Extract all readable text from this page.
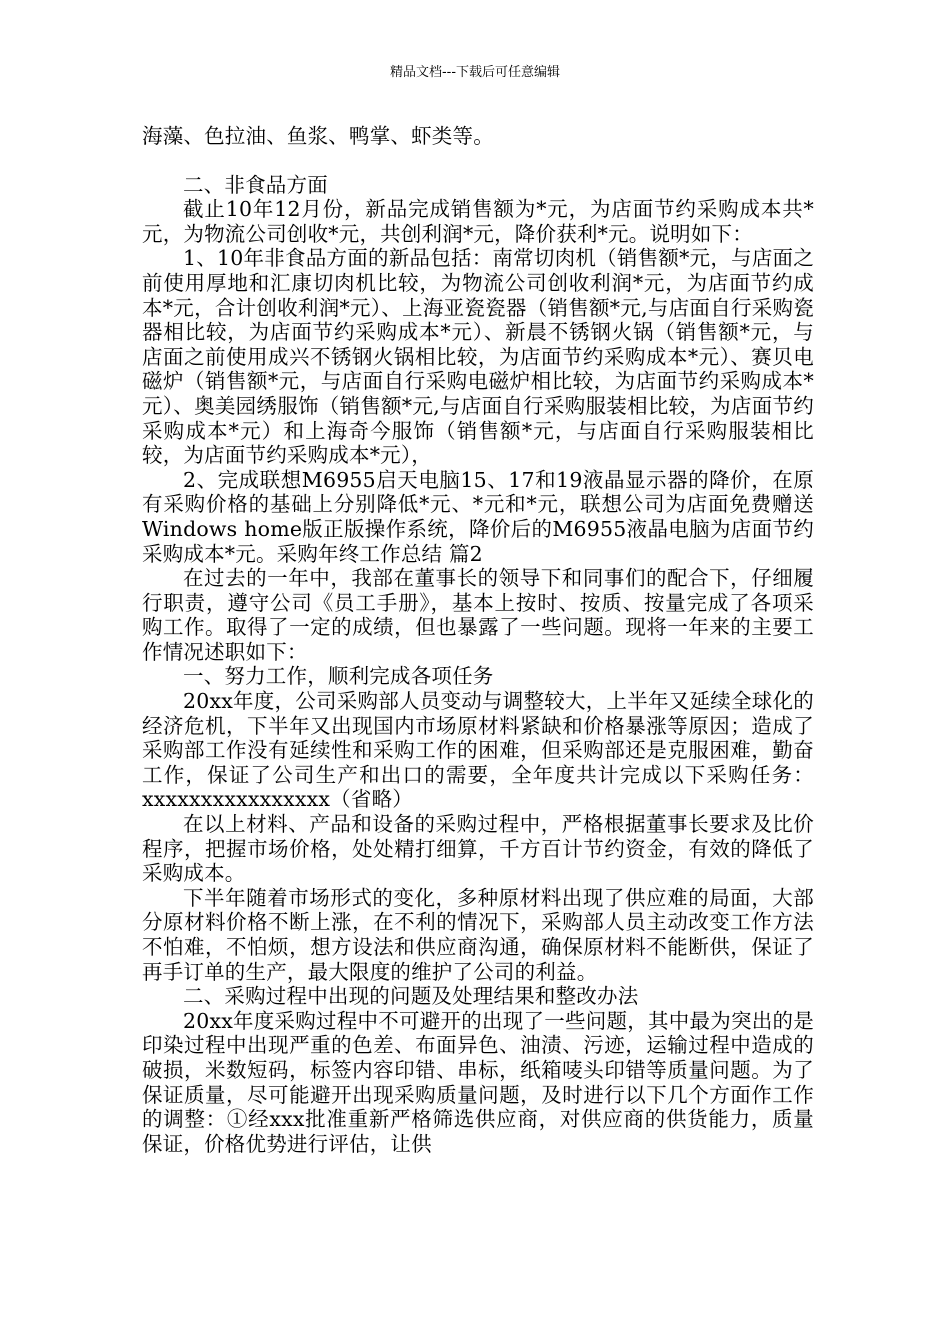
精品文档---下载后可任意编辑

海藻、色拉油、鱼浆、鸭掌、虾类等。

二、非食品方面

截止10年12月份，新品完成销售额为*元，为店面节约采购成本共*元，为物流公司创收*元，共创利润*元，降价获利*元。说明如下：

1、10年非食品方面的新品包括：南常切肉机（销售额*元，与店面之前使用厚地和汇康切肉机比较，为物流公司创收利润*元，为店面节约成本*元，合计创收利润*元）、上海亚瓷瓷器（销售额*元,与店面自行采购瓷器相比较，为店面节约采购成本*元）、新晨不锈钢火锅（销售额*元，与店面之前使用成兴不锈钢火锅相比较，为店面节约采购成本*元）、赛贝电磁炉（销售额*元，与店面自行采购电磁炉相比较，为店面节约采购成本*元）、奥美园绣服饰（销售额*元,与店面自行采购服装相比较，为店面节约采购成本*元）和上海奇今服饰（销售额*元，与店面自行采购服装相比较，为店面节约采购成本*元），

2、完成联想M6955启天电脑15、17和19液晶显示器的降价，在原有采购价格的基础上分别降低*元、*元和*元，联想公司为店面免费赠送Windows home版正版操作系统，降价后的M6955液晶电脑为店面节约采购成本*元。采购年终工作总结 篇2

在过去的一年中，我部在董事长的领导下和同事们的配合下，仔细履行职责，遵守公司《员工手册》，基本上按时、按质、按量完成了各项采购工作。取得了一定的成绩，但也暴露了一些问题。现将一年来的主要工作情况述职如下：

一、努力工作，顺利完成各项任务

20xx年度，公司采购部人员变动与调整较大，上半年又延续全球化的经济危机，下半年又出现国内市场原材料紧缺和价格暴涨等原因；造成了采购部工作没有延续性和采购工作的困难，但采购部还是克服困难，勤奋工作，保证了公司生产和出口的需要，全年度共计完成以下采购任务：xxxxxxxxxxxxxxxx（省略）

在以上材料、产品和设备的采购过程中，严格根据董事长要求及比价程序，把握市场价格，处处精打细算，千方百计节约资金，有效的降低了采购成本。

下半年随着市场形式的变化，多种原材料出现了供应难的局面，大部分原材料价格不断上涨，在不利的情况下，采购部人员主动改变工作方法不怕难，不怕烦，想方设法和供应商沟通，确保原材料不能断供，保证了再手订单的生产，最大限度的维护了公司的利益。

二、采购过程中出现的问题及处理结果和整改办法

20xx年度采购过程中不可避开的出现了一些问题，其中最为突出的是印染过程中出现严重的色差、布面异色、油渍、污迹，运输过程中造成的破损，米数短码，标签内容印错、串标，纸箱唛头印错等质量问题。为了保证质量，尽可能避开出现采购质量问题，及时进行以下几个方面作工作的调整：①经xxx批准重新严格筛选供应商，对供应商的供货能力，质量保证，价格优势进行评估，让供
